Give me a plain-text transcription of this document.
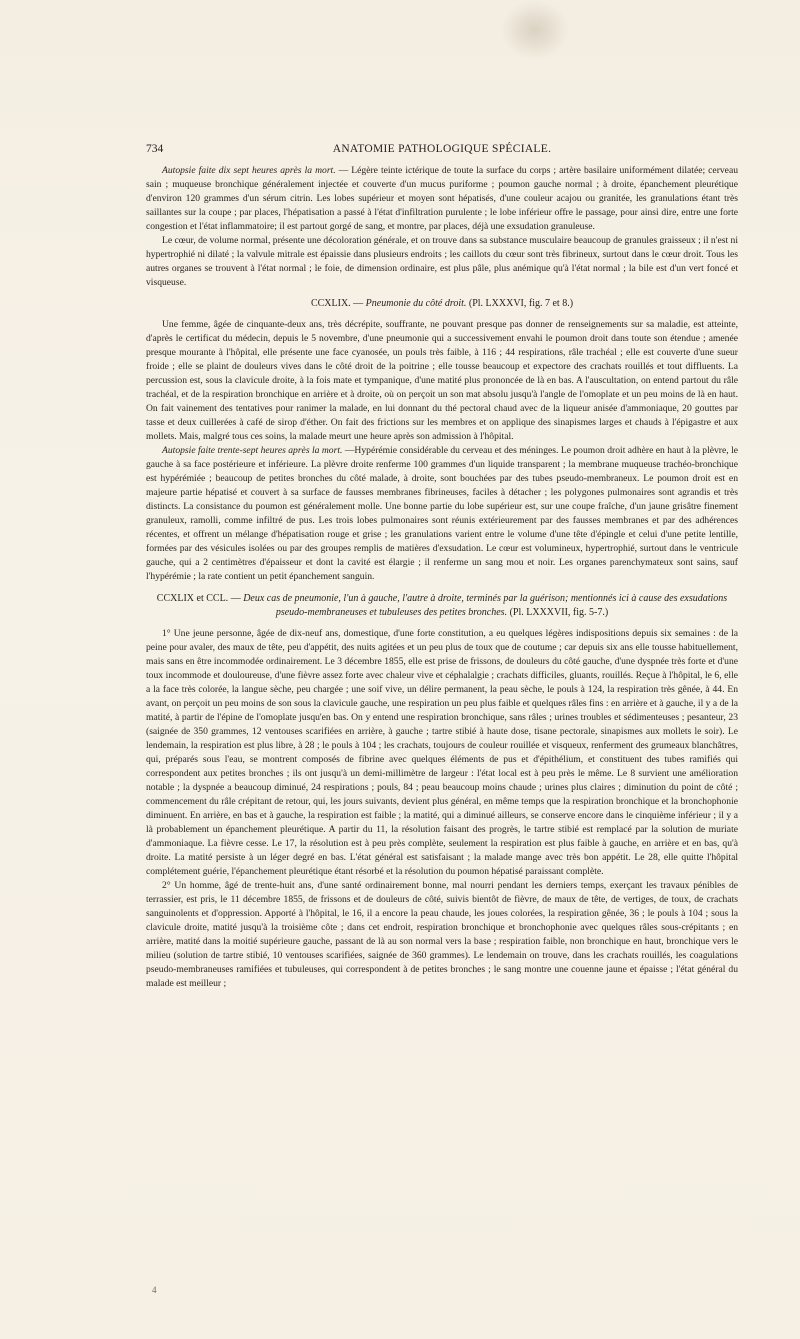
734	ANATOMIE PATHOLOGIQUE SPÉCIALE.

Autopsie faite dix sept heures après la mort. — Légère teinte ictérique de toute la surface du corps ; artère basilaire uniformément dilatée; cerveau sain ; muqueuse bronchique généralement injectée et couverte d'un mucus puriforme ; poumon gauche normal ; à droite, épanchement pleurétique d'environ 120 grammes d'un sérum citrin. Les lobes supérieur et moyen sont hépatisés, d'une couleur acajou ou granitée, les granulations étant très saillantes sur la coupe ; par places, l'hépatisation a passé à l'état d'infiltration purulente ; le lobe inférieur offre le passage, pour ainsi dire, entre une forte congestion et l'état inflammatoire; il est partout gorgé de sang, et montre, par places, déjà une exsudation granuleuse.

Le cœur, de volume normal, présente une décoloration générale, et on trouve dans sa substance musculaire beaucoup de granules graisseux ; il n'est ni hypertrophié ni dilaté ; la valvule mitrale est épaissie dans plusieurs endroits ; les caillots du cœur sont très fibrineux, surtout dans le cœur droit. Tous les autres organes se trouvent à l'état normal ; le foie, de dimension ordinaire, est plus pâle, plus anémique qu'à l'état normal ; la bile est d'un vert foncé et visqueuse.

CCXLIX. — Pneumonie du côté droit. (Pl. LXXXVI, fig. 7 et 8.)

Une femme, âgée de cinquante-deux ans, très décrépite, souffrante, ne pouvant presque pas donner de renseignements sur sa maladie, est atteinte, d'après le certificat du médecin, depuis le 5 novembre, d'une pneumonie qui a successivement envahi le poumon droit dans toute son étendue ; amenée presque mourante à l'hôpital, elle présente une face cyanosée, un pouls très faible, à 116 ; 44 respirations, râle trachéal ; elle est couverte d'une sueur froide ; elle se plaint de douleurs vives dans le côté droit de la poitrine ; elle tousse beaucoup et expectore des crachats rouillés et tout diffluents. La percussion est, sous la clavicule droite, à la fois mate et tympanique, d'une matité plus prononcée de là en bas. A l'auscultation, on entend partout du râle trachéal, et de la respiration bronchique en arrière et à droite, où on perçoit un son mat absolu jusqu'à l'angle de l'omoplate et un peu moins de là en haut. On fait vainement des tentatives pour ranimer la malade, en lui donnant du thé pectoral chaud avec de la liqueur anisée d'ammoniaque, 20 gouttes par tasse et deux cuillerées à café de sirop d'éther. On fait des frictions sur les membres et on applique des sinapismes larges et chauds à l'épigastre et aux mollets. Mais, malgré tous ces soins, la malade meurt une heure après son admission à l'hôpital.

Autopsie faite trente-sept heures après la mort. —Hypérémie considérable du cerveau et des méninges. Le poumon droit adhère en haut à la plèvre, le gauche à sa face postérieure et inférieure. La plèvre droite renferme 100 grammes d'un liquide transparent ; la membrane muqueuse trachéo-bronchique est hypérémiée ; beaucoup de petites bronches du côté malade, à droite, sont bouchées par des tubes pseudo-membraneux. Le poumon droit est en majeure partie hépatisé et couvert à sa surface de fausses membranes fibrineuses, faciles à détacher ; les polygones pulmonaires sont agrandis et très distincts. La consistance du poumon est généralement molle. Une bonne partie du lobe supérieur est, sur une coupe fraîche, d'un jaune grisâtre finement granuleux, ramolli, comme infiltré de pus. Les trois lobes pulmonaires sont réunis extérieurement par des fausses membranes et par des adhérences récentes, et offrent un mélange d'hépatisation rouge et grise ; les granulations varient entre le volume d'une tête d'épingle et celui d'une petite lentille, formées par des vésicules isolées ou par des groupes remplis de matières d'exsudation. Le cœur est volumineux, hypertrophié, surtout dans le ventricule gauche, qui a 2 centimètres d'épaisseur et dont la cavité est élargie ; il renferme un sang mou et noir. Les organes parenchymateux sont sains, sauf l'hypérémie ; la rate contient un petit épanchement sanguin.

CCXLIX et CCL. — Deux cas de pneumonie, l'un à gauche, l'autre à droite, terminés par la guérison; mentionnés ici à cause des exsudations
pseudo-membraneuses et tubuleuses des petites bronches. (Pl. LXXXVII, fig. 5-7.)

1° Une jeune personne, âgée de dix-neuf ans, domestique, d'une forte constitution, a eu quelques légères indispositions depuis six semaines : de la peine pour avaler, des maux de tête, peu d'appétit, des nuits agitées et un peu plus de toux que de coutume ; car depuis six ans elle tousse habituellement, mais sans en être incommodée ordinairement. Le 3 décembre 1855, elle est prise de frissons, de douleurs du côté gauche, d'une dyspnée très forte et d'une toux incommode et douloureuse, d'une fièvre assez forte avec chaleur vive et céphalalgie ; crachats difficiles, gluants, rouillés. Reçue à l'hôpital, le 6, elle a la face très colorée, la langue sèche, peu chargée ; une soif vive, un délire permanent, la peau sèche, le pouls à 124, la respiration très gênée, à 44. En avant, on perçoit un peu moins de son sous la clavicule gauche, une respiration un peu plus faible et quelques râles fins : en arrière et à gauche, il y a de la matité, à partir de l'épine de l'omoplate jusqu'en bas. On y entend une respiration bronchique, sans râles ; urines troubles et sédimenteuses ; pesanteur, 23 (saignée de 350 grammes, 12 ventouses scarifiées en arrière, à gauche ; tartre stibié à haute dose, tisane pectorale, sinapismes aux mollets le soir). Le lendemain, la respiration est plus libre, à 28 ; le pouls à 104 ; les crachats, toujours de couleur rouillée et visqueux, renferment des grumeaux blanchâtres, qui, préparés sous l'eau, se montrent composés de fibrine avec quelques éléments de pus et d'épithélium, et constituent des tubes ramifiés qui correspondent aux petites bronches ; ils ont jusqu'à un demi-millimètre de largeur : l'état local est à peu près le même. Le 8 survient une amélioration notable ; la dyspnée a beaucoup diminué, 24 respirations ; pouls, 84 ; peau beaucoup moins chaude ; urines plus claires ; diminution du point de côté ; commencement du râle crépitant de retour, qui, les jours suivants, devient plus général, en même temps que la respiration bronchique et la bronchophonie diminuent. En arrière, en bas et à gauche, la respiration est faible ; la matité, qui a diminué ailleurs, se conserve encore dans le cinquième inférieur ; il y a là probablement un épanchement pleurétique. A partir du 11, la résolution faisant des progrès, le tartre stibié est remplacé par la solution de muriate d'ammoniaque. La fièvre cesse. Le 17, la résolution est à peu près complète, seulement la respiration est plus faible à gauche, en arrière et en bas, qu'à droite. La matité persiste à un léger degré en bas. L'état général est satisfaisant ; la malade mange avec très bon appétit. Le 28, elle quitte l'hôpital complétement guérie, l'épanchement pleurétique étant résorbé et la résolution du poumon hépatisé paraissant complète.

2° Un homme, âgé de trente-huit ans, d'une santé ordinairement bonne, mal nourri pendant les derniers temps, exerçant les travaux pénibles de terrassier, est pris, le 11 décembre 1855, de frissons et de douleurs de côté, suivis bientôt de fièvre, de maux de tête, de vertiges, de toux, de crachats sanguinolents et d'oppression. Apporté à l'hôpital, le 16, il a encore la peau chaude, les joues colorées, la respiration gênée, 36 ; le pouls à 104 ; sous la clavicule droite, matité jusqu'à la troisième côte ; dans cet endroit, respiration bronchique et bronchophonie avec quelques râles sous-crépitants ; en arrière, matité dans la moitié supérieure gauche, passant de là au son normal vers la base ; respiration faible, non bronchique en haut, bronchique vers le milieu (solution de tartre stibié, 10 ventouses scarifiées, saignée de 360 grammes). Le lendemain on trouve, dans les crachats rouillés, les coagulations pseudo-membraneuses ramifiées et tubuleuses, qui correspondent à de petites bronches ; le sang montre une couenne jaune et épaisse ; l'état général du malade est meilleur ;

4
